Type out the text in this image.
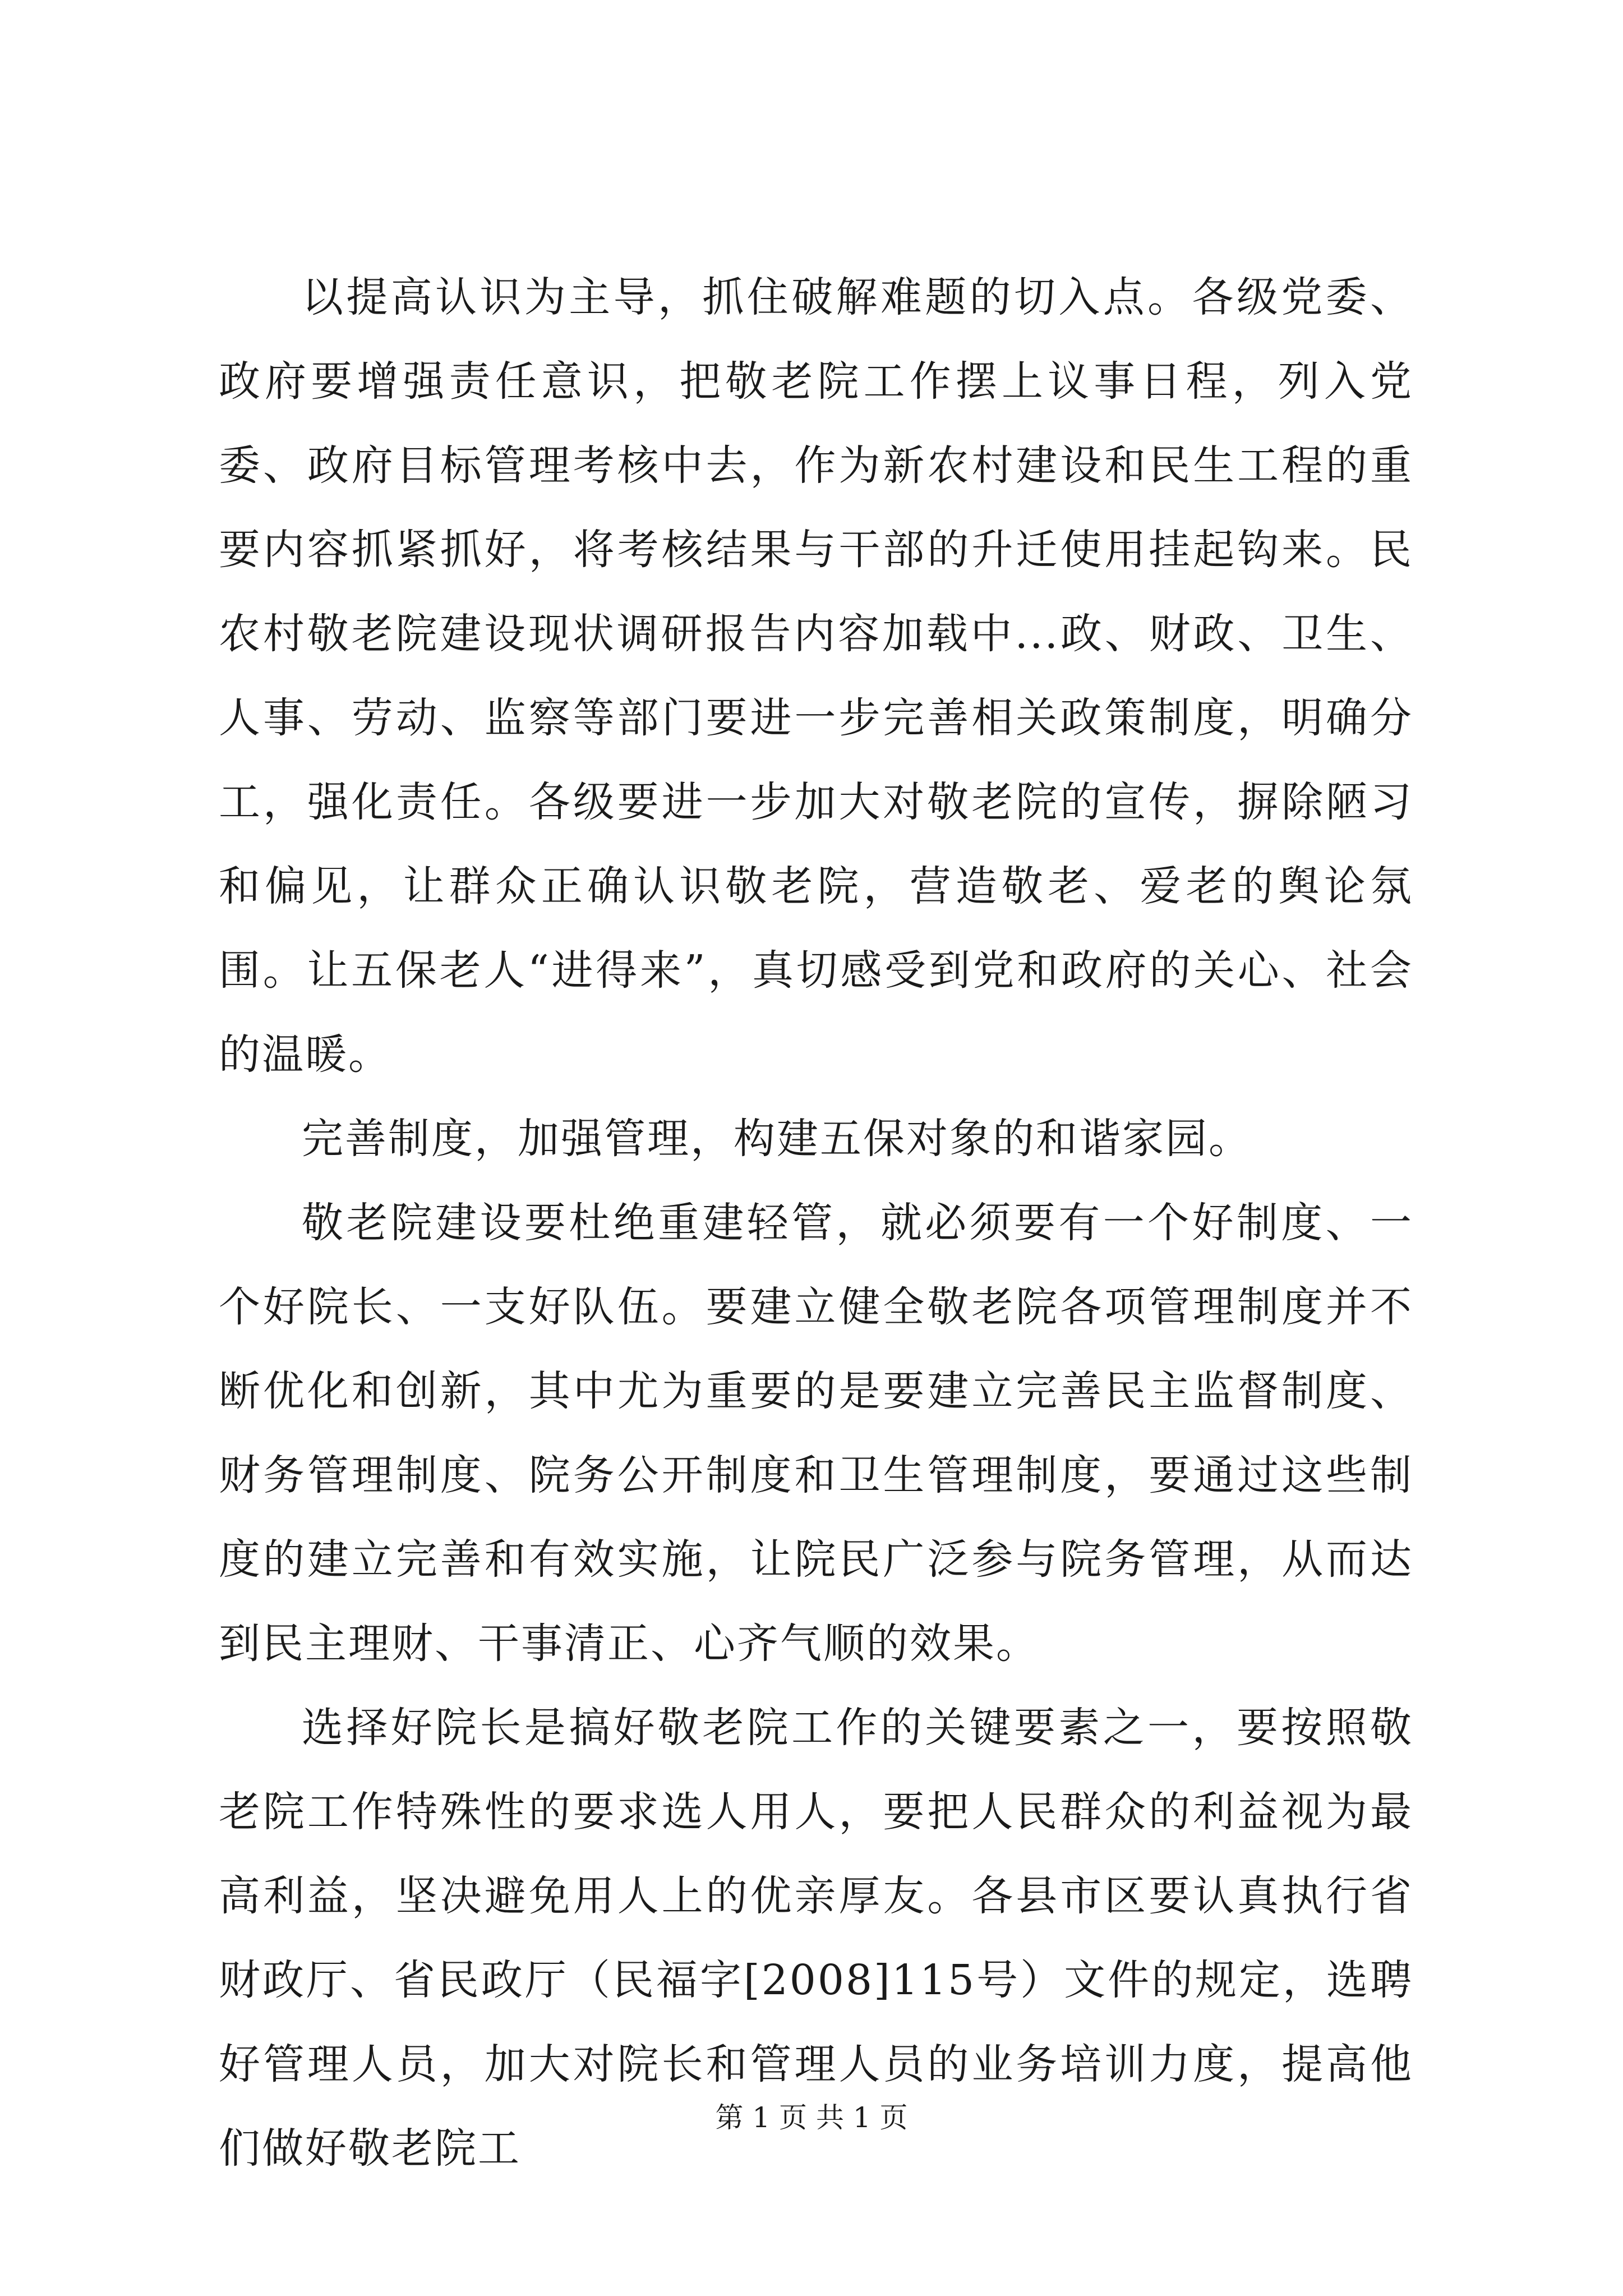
以提高认识为主导，抓住破解难题的切入点。各级党委、政府要增强责任意识，把敬老院工作摆上议事日程，列入党委、政府目标管理考核中去，作为新农村建设和民生工程的重要内容抓紧抓好，将考核结果与干部的升迁使用挂起钩来。民农村敬老院建设现状调研报告内容加载中...政、财政、卫生、人事、劳动、监察等部门要进一步完善相关政策制度，明确分工，强化责任。各级要进一步加大对敬老院的宣传，摒除陋习和偏见，让群众正确认识敬老院，营造敬老、爱老的舆论氛围。让五保老人“进得来”，真切感受到党和政府的关心、社会的温暖。

完善制度，加强管理，构建五保对象的和谐家园。

敬老院建设要杜绝重建轻管，就必须要有一个好制度、一个好院长、一支好队伍。要建立健全敬老院各项管理制度并不断优化和创新，其中尤为重要的是要建立完善民主监督制度、财务管理制度、院务公开制度和卫生管理制度，要通过这些制度的建立完善和有效实施，让院民广泛参与院务管理，从而达到民主理财、干事清正、心齐气顺的效果。

选择好院长是搞好敬老院工作的关键要素之一，要按照敬老院工作特殊性的要求选人用人，要把人民群众的利益视为最高利益，坚决避免用人上的优亲厚友。各县市区要认真执行省财政厅、省民政厅（民福字[2008]115号）文件的规定，选聘好管理人员，加大对院长和管理人员的业务培训力度，提高他们做好敬老院工

第 1 页 共 1 页
